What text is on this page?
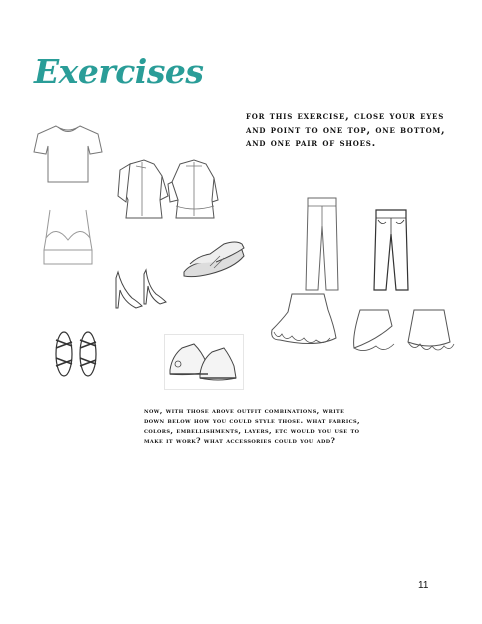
Exercises
for this exercise, close your eyes and point to one top, one bottom, and one pair of shoes.
now, with those above outfit combinations, write down below how you could style those. what fabrics, colors, embellishments, layers, etc would you use to make it work? what accessories could you add?
11
